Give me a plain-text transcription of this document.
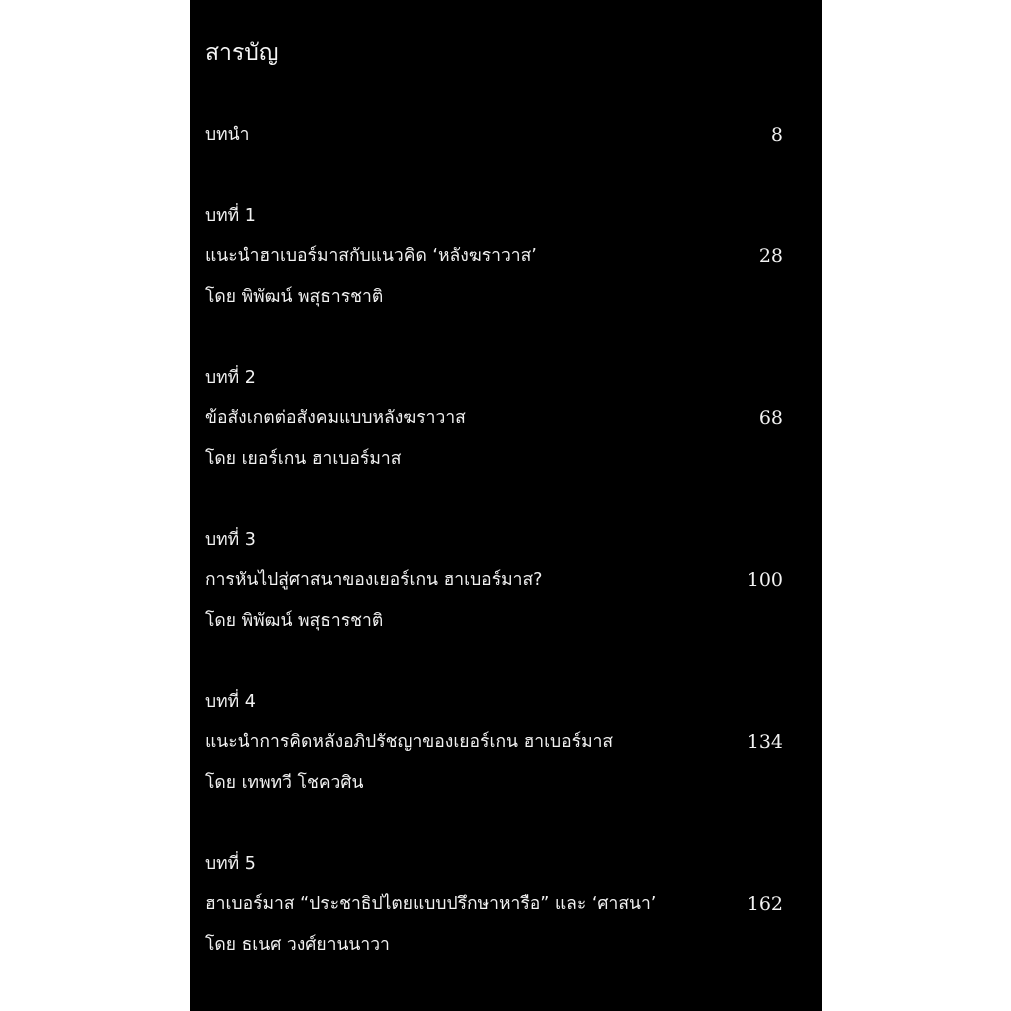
สารบัญ
บทนำ	8
บทที่ 1
แนะนำฮาเบอร์มาสกับแนวคิด ‘หลังฆราวาส’	28
โดย พิพัฒน์ พสุธารชาติ
บทที่ 2
ข้อสังเกตต่อสังคมแบบหลังฆราวาส	68
โดย เยอร์เกน ฮาเบอร์มาส
บทที่ 3
การหันไปสู่ศาสนาของเยอร์เกน ฮาเบอร์มาส?	100
โดย พิพัฒน์ พสุธารชาติ
บทที่ 4
แนะนำการคิดหลังอภิปรัชญาของเยอร์เกน ฮาเบอร์มาส	134
โดย เทพทวี โชควศิน
บทที่ 5
ฮาเบอร์มาส “ประชาธิปไตยแบบปรึกษาหารือ” และ ‘ศาสนา’	162
โดย ธเนศ วงศ์ยานนาวา
